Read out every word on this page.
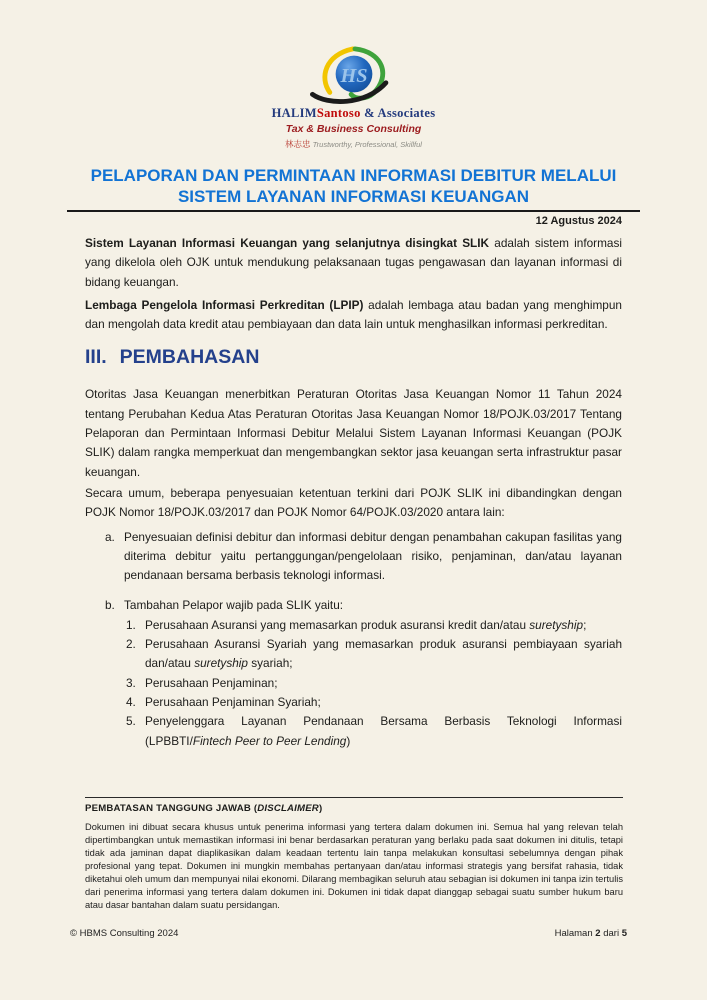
HS
HALIMSantoso & Associates
Tax & Business Consulting
林志忠 Trustworthy, Professional, Skillful
PELAPORAN DAN PERMINTAAN INFORMASI DEBITUR MELALUI
SISTEM LAYANAN INFORMASI KEUANGAN
12 Agustus 2024

Sistem Layanan Informasi Keuangan yang selanjutnya disingkat SLIK adalah sistem informasi yang dikelola oleh OJK untuk mendukung pelaksanaan tugas pengawasan dan layanan informasi di bidang keuangan.

Lembaga Pengelola Informasi Perkreditan (LPIP) adalah lembaga atau badan yang menghimpun dan mengolah data kredit atau pembiayaan dan data lain untuk menghasilkan informasi perkreditan.

III. PEMBAHASAN

Otoritas Jasa Keuangan menerbitkan Peraturan Otoritas Jasa Keuangan Nomor 11 Tahun 2024 tentang Perubahan Kedua Atas Peraturan Otoritas Jasa Keuangan Nomor 18/POJK.03/2017 Tentang Pelaporan dan Permintaan Informasi Debitur Melalui Sistem Layanan Informasi Keuangan (POJK SLIK) dalam rangka memperkuat dan mengembangkan sektor jasa keuangan serta infrastruktur pasar keuangan.

Secara umum, beberapa penyesuaian ketentuan terkini dari POJK SLIK ini dibandingkan dengan POJK Nomor 18/POJK.03/2017 dan POJK Nomor 64/POJK.03/2020 antara lain:

a. Penyesuaian definisi debitur dan informasi debitur dengan penambahan cakupan fasilitas yang diterima debitur yaitu pertanggungan/pengelolaan risiko, penjaminan, dan/atau layanan pendanaan bersama berbasis teknologi informasi.
b. Tambahan Pelapor wajib pada SLIK yaitu:
1. Perusahaan Asuransi yang memasarkan produk asuransi kredit dan/atau suretyship;
2. Perusahaan Asuransi Syariah yang memasarkan produk asuransi pembiayaan syariah dan/atau suretyship syariah;
3. Perusahaan Penjaminan;
4. Perusahaan Penjaminan Syariah;
5. Penyelenggara Layanan Pendanaan Bersama Berbasis Teknologi Informasi (LPBBTI/Fintech Peer to Peer Lending)
PEMBATASAN TANGGUNG JAWAB (DISCLAIMER)

Dokumen ini dibuat secara khusus untuk penerima informasi yang tertera dalam dokumen ini. Semua hal yang relevan telah dipertimbangkan untuk memastikan informasi ini benar berdasarkan peraturan yang berlaku pada saat dokumen ini ditulis, tetapi tidak ada jaminan dapat diaplikasikan dalam keadaan tertentu lain tanpa melakukan konsultasi sebelumnya dengan pihak profesional yang tepat. Dokumen ini mungkin membahas pertanyaan dan/atau informasi strategis yang bersifat rahasia, tidak diketahui oleh umum dan mempunyai nilai ekonomi. Dilarang membagikan seluruh atau sebagian isi dokumen ini tanpa izin tertulis dari penerima informasi yang tertera dalam dokumen ini. Dokumen ini tidak dapat dianggap sebagai suatu sumber hukum baru atau dasar bantahan dalam suatu persidangan.

© HBMS Consulting 2024	Halaman 2 dari 5
